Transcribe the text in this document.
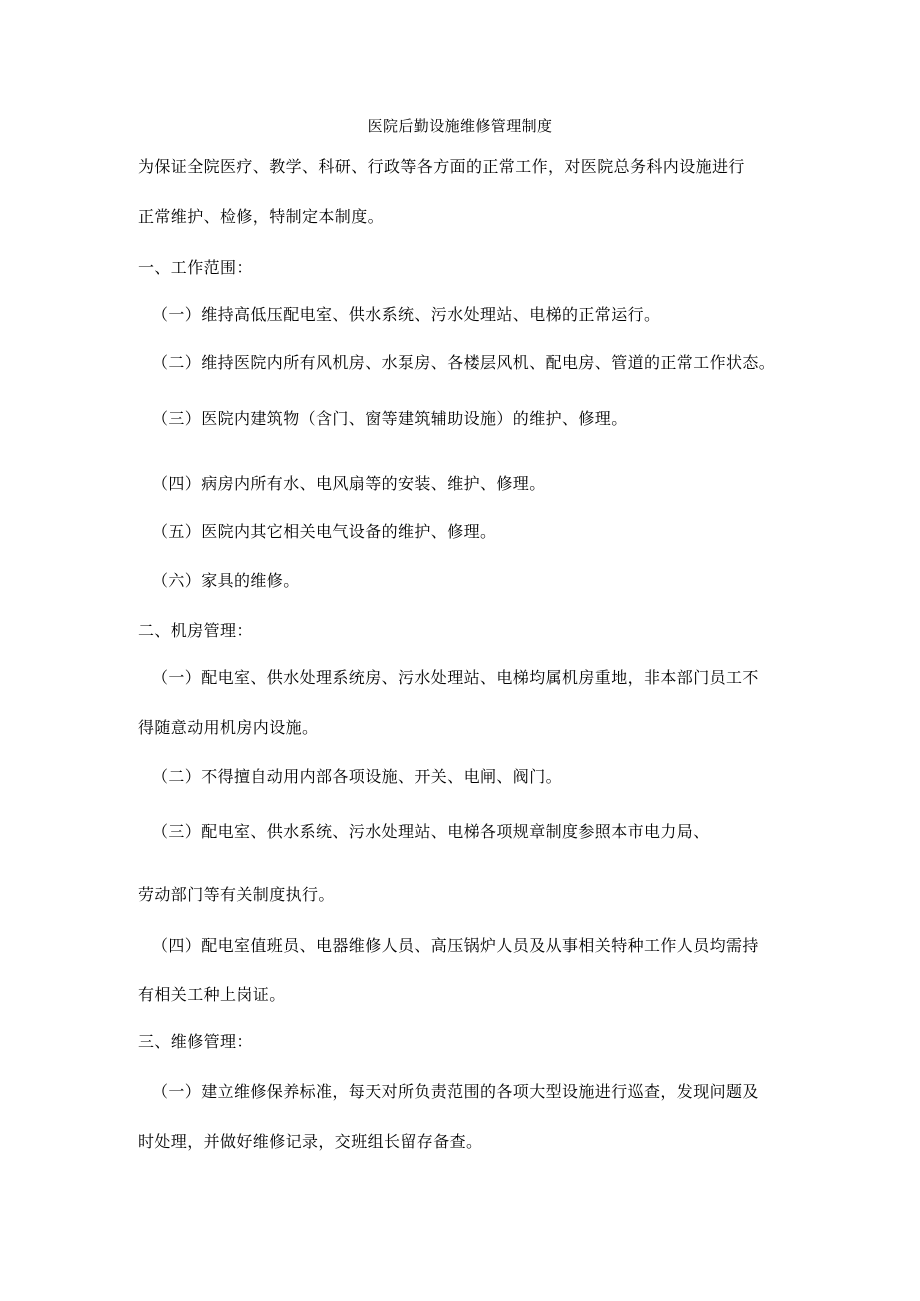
医院后勤设施维修管理制度
为保证全院医疗、教学、科研、行政等各方面的正常工作，对医院总务科内设施进行
正常维护、检修，特制定本制度。
一、工作范围：
（一）维持高低压配电室、供水系统、污水处理站、电梯的正常运行。
（二）维持医院内所有风机房、水泵房、各楼层风机、配电房、管道的正常工作状态。
（三）医院内建筑物（含门、窗等建筑辅助设施）的维护、修理。
（四）病房内所有水、电风扇等的安装、维护、修理。
（五）医院内其它相关电气设备的维护、修理。
（六）家具的维修。
二、机房管理：
（一）配电室、供水处理系统房、污水处理站、电梯均属机房重地，非本部门员工不
得随意动用机房内设施。
（二）不得擅自动用内部各项设施、开关、电闸、阀门。
（三）配电室、供水系统、污水处理站、电梯各项规章制度参照本市电力局、
劳动部门等有关制度执行。
（四）配电室值班员、电器维修人员、高压锅炉人员及从事相关特种工作人员均需持
有相关工种上岗证。
三、维修管理：
（一）建立维修保养标准，每天对所负责范围的各项大型设施进行巡查，发现问题及
时处理，并做好维修记录，交班组长留存备查。
